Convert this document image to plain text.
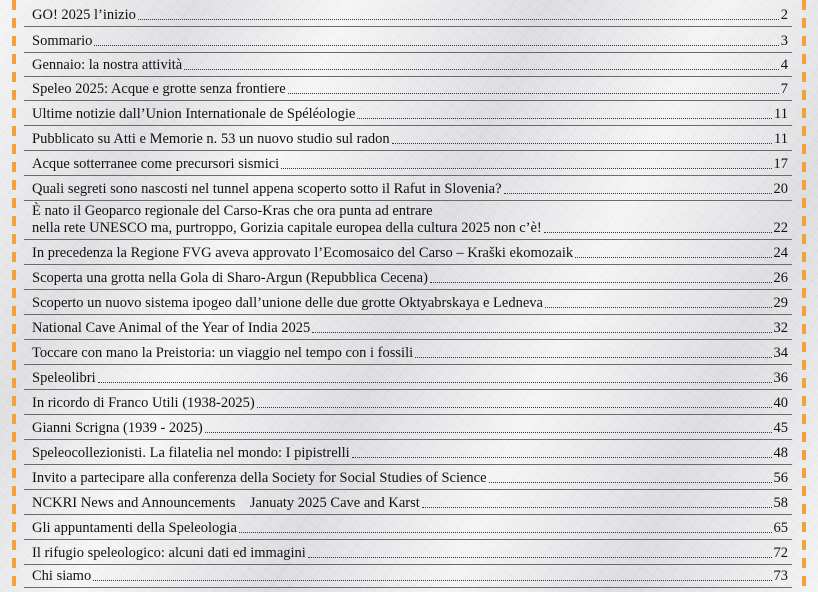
GO! 2025 l’inizio	2
Sommario	3
Gennaio: la nostra attività	4
Speleo 2025: Acque e grotte senza frontiere	7
Ultime notizie dall’Union Internationale de Spéléologie	11
Pubblicato su Atti e Memorie n. 53 un nuovo studio sul radon	11
Acque sotterranee come precursori sismici	17
Quali segreti sono nascosti nel tunnel appena scoperto sotto il Rafut in Slovenia?	20
È nato il Geoparco regionale del Carso-Kras che ora punta ad entrare
nella rete UNESCO ma, purtroppo, Gorizia capitale europea della cultura 2025 non c’è!	22
In precedenza la Regione FVG aveva approvato l’Ecomosaico del Carso – Kraški ekomozaik	24
Scoperta una grotta nella Gola di Sharo-Argun (Repubblica Cecena)	26
Scoperto un nuovo sistema ipogeo dall’unione delle due grotte Oktyabrskaya e Ledneva	29
National Cave Animal of the Year of India 2025	32
Toccare con mano la Preistoria: un viaggio nel tempo con i fossili	34
Speleolibri	36
In ricordo di Franco Utili (1938-2025)	40
Gianni Scrigna (1939 - 2025)	45
Speleocollezionisti. La filatelia nel mondo: I pipistrelli	48
Invito a partecipare alla conferenza della Society for Social Studies of Science	56
NCKRI News and Announcements    Januaty 2025 Cave and Karst	58
Gli appuntamenti della Speleologia	65
Il rifugio speleologico: alcuni dati ed immagini	72
Chi siamo	73
